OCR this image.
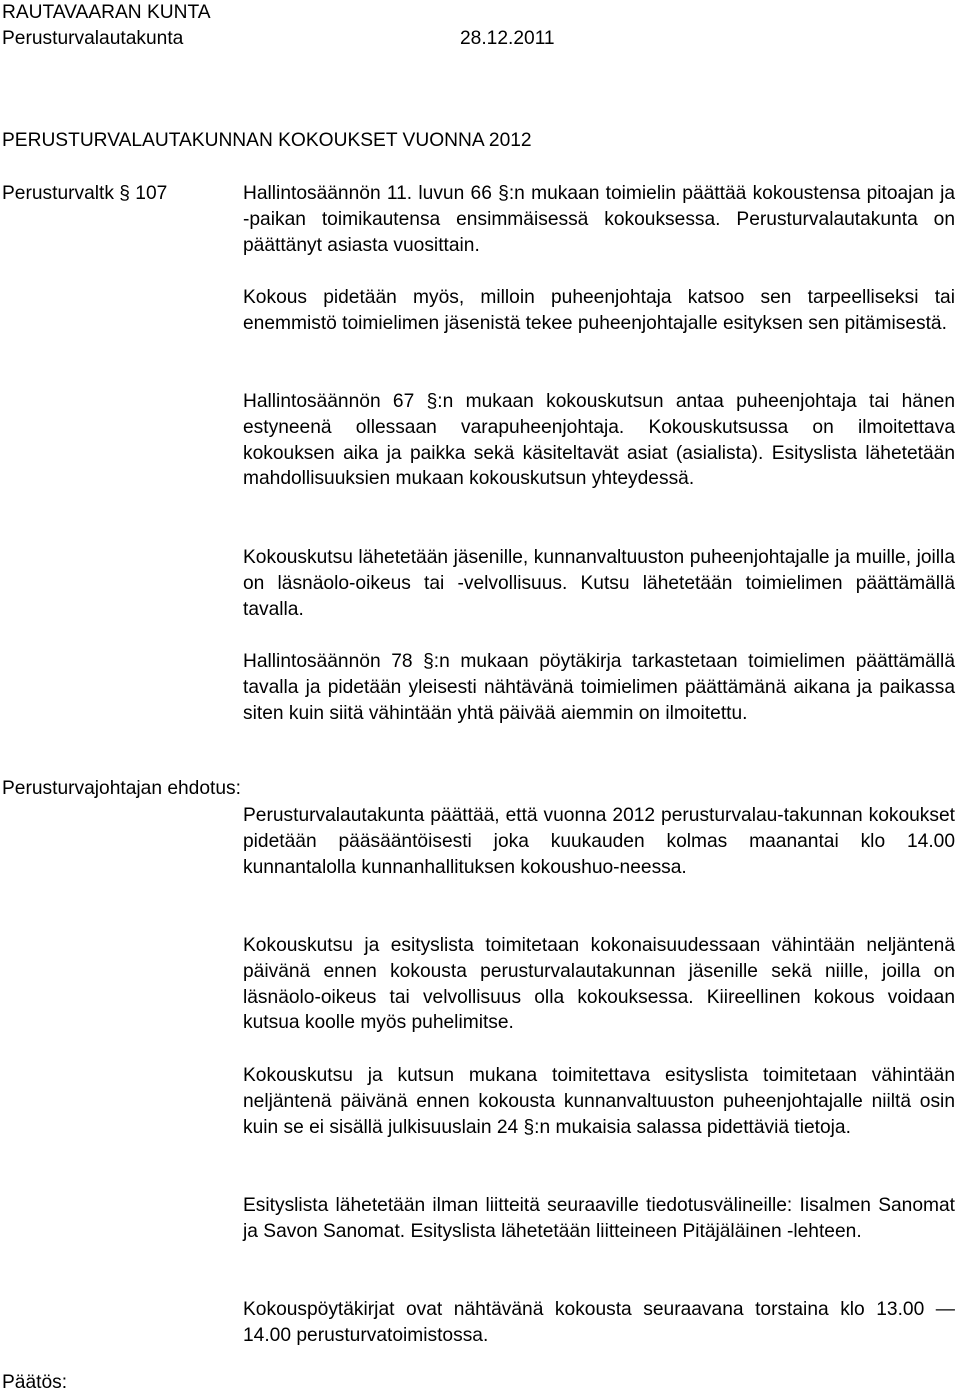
RAUTAVAARAN KUNTA
Perusturvalautakunta	28.12.2011
PERUSTURVALAUTAKUNNAN KOKOUKSET VUONNA 2012
Perusturvaltk § 107	Hallintosäännön 11. luvun 66 §:n mukaan toimielin päättää kokoustensa pitoajan ja -paikan toimikautensa ensimmäisessä kokouksessa. Perusturvalautakunta on päättänyt asiasta vuosittain.

Kokous pidetään myös, milloin puheenjohtaja katsoo sen tarpeelliseksi tai enemmistö toimielimen jäsenistä tekee puheenjohtajalle esityksen sen pitämisestä.

Hallintosäännön 67 §:n mukaan kokouskutsun antaa puheenjohtaja tai hänen estyneenä ollessaan varapuheenjohtaja. Kokouskutsussa on ilmoitettava kokouksen aika ja paikka sekä käsiteltavät asiat (asialista). Esityslista lähetetään mahdollisuuksien mukaan kokouskutsun yhteydessä.

Kokouskutsu lähetetään jäsenille, kunnanvaltuuston puheenjohtajalle ja muille, joilla on läsnäolo-oikeus tai -velvollisuus. Kutsu lähetetään toimielimen päättämällä tavalla.

Hallintosäännön 78 §:n mukaan pöytäkirja tarkastetaan toimielimen päättämällä tavalla ja pidetään yleisesti nähtävänä toimielimen päättämänä aikana ja paikassa siten kuin siitä vähintään yhtä päivää aiemmin on ilmoitettu.

Perusturvajohtajan ehdotus:

Perusturvalautakunta päättää, että vuonna 2012 perusturvalau-takunnan kokoukset pidetään pääsääntöisesti joka kuukauden kolmas maanantai klo 14.00 kunnantalolla kunnanhallituksen kokoushuo-neessa.

Kokouskutsu ja esityslista toimitetaan kokonaisuudessaan vähintään neljäntenä päivänä ennen kokousta perusturvalautakunnan jäsenille sekä niille, joilla on läsnäolo-oikeus tai velvollisuus olla kokouksessa. Kiireellinen kokous voidaan kutsua koolle myös puhelimitse.

Kokouskutsu ja kutsun mukana toimitettava esityslista toimitetaan vähintään neljäntenä päivänä ennen kokousta kunnanvaltuuston puheenjohtajalle niiltä osin kuin se ei sisällä julkisuuslain 24 §:n mukaisia salassa pidettäviä tietoja.

Esityslista lähetetään ilman liitteitä seuraaville tiedotusvälineille: Iisalmen Sanomat ja Savon Sanomat. Esityslista lähetetään liitteineen Pitäjäläinen -lehteen.

Kokouspöytäkirjat ovat nähtävänä kokousta seuraavana torstaina klo 13.00 — 14.00 perusturvatoimistossa.

Päätös:
